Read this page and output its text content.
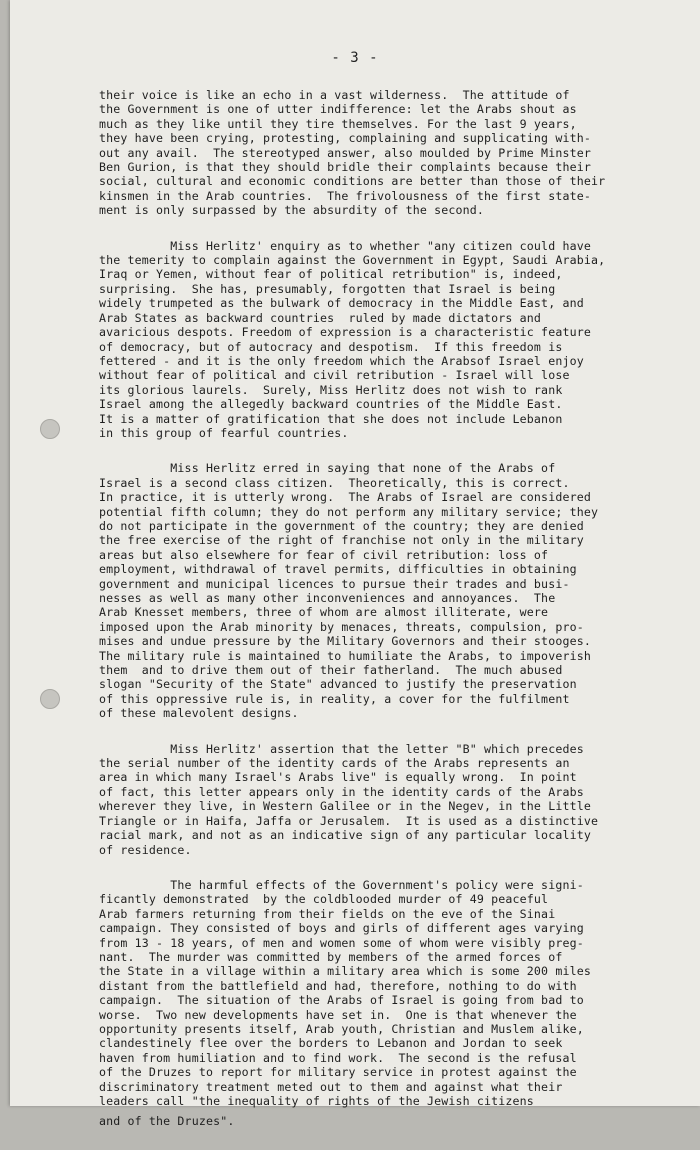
- 3 -
their voice is like an echo in a vast wilderness.  The attitude of
the Government is one of utter indifference: let the Arabs shout as
much as they like until they tire themselves. For the last 9 years,
they have been crying, protesting, complaining and supplicating with-
out any avail.  The stereotyped answer, also moulded by Prime Minster
Ben Gurion, is that they should bridle their complaints because their
social, cultural and economic conditions are better than those of their
kinsmen in the Arab countries.  The frivolousness of the first state-
ment is only surpassed by the absurdity of the second.
Miss Herlitz' enquiry as to whether "any citizen could have
the temerity to complain against the Government in Egypt, Saudi Arabia,
Iraq or Yemen, without fear of political retribution" is, indeed,
surprising.  She has, presumably, forgotten that Israel is being
widely trumpeted as the bulwark of democracy in the Middle East, and
Arab States as backward countries  ruled by made dictators and
avaricious despots. Freedom of expression is a characteristic feature
of democracy, but of autocracy and despotism.  If this freedom is
fettered - and it is the only freedom which the Arabsof Israel enjoy
without fear of political and civil retribution - Israel will lose
its glorious laurels.  Surely, Miss Herlitz does not wish to rank
Israel among the allegedly backward countries of the Middle East.
It is a matter of gratification that she does not include Lebanon
in this group of fearful countries.
Miss Herlitz erred in saying that none of the Arabs of
Israel is a second class citizen.  Theoretically, this is correct.
In practice, it is utterly wrong.  The Arabs of Israel are considered
potential fifth column; they do not perform any military service; they
do not participate in the government of the country; they are denied
the free exercise of the right of franchise not only in the military
areas but also elsewhere for fear of civil retribution: loss of
employment, withdrawal of travel permits, difficulties in obtaining
government and municipal licences to pursue their trades and busi-
nesses as well as many other inconveniences and annoyances.  The
Arab Knesset members, three of whom are almost illiterate, were
imposed upon the Arab minority by menaces, threats, compulsion, pro-
mises and undue pressure by the Military Governors and their stooges.
The military rule is maintained to humiliate the Arabs, to impoverish
them  and to drive them out of their fatherland.  The much abused
slogan "Security of the State" advanced to justify the preservation
of this oppressive rule is, in reality, a cover for the fulfilment
of these malevolent designs.
Miss Herlitz' assertion that the letter "B" which precedes
the serial number of the identity cards of the Arabs represents an
area in which many Israel's Arabs live" is equally wrong.  In point
of fact, this letter appears only in the identity cards of the Arabs
wherever they live, in Western Galilee or in the Negev, in the Little
Triangle or in Haifa, Jaffa or Jerusalem.  It is used as a distinctive
racial mark, and not as an indicative sign of any particular locality
of residence.
The harmful effects of the Government's policy were signi-
ficantly demonstrated  by the coldblooded murder of 49 peaceful
Arab farmers returning from their fields on the eve of the Sinai
campaign. They consisted of boys and girls of different ages varying
from 13 - 18 years, of men and women some of whom were visibly preg-
nant.  The murder was committed by members of the armed forces of
the State in a village within a military area which is some 200 miles
distant from the battlefield and had, therefore, nothing to do with
campaign.  The situation of the Arabs of Israel is going from bad to
worse.  Two new developments have set in.  One is that whenever the
opportunity presents itself, Arab youth, Christian and Muslem alike,
clandestinely flee over the borders to Lebanon and Jordan to seek
haven from humiliation and to find work.  The second is the refusal
of the Druzes to report for military service in protest against the
discriminatory treatment meted out to them and against what their
leaders call "the inequality of rights of the Jewish citizens
and of the Druzes".
